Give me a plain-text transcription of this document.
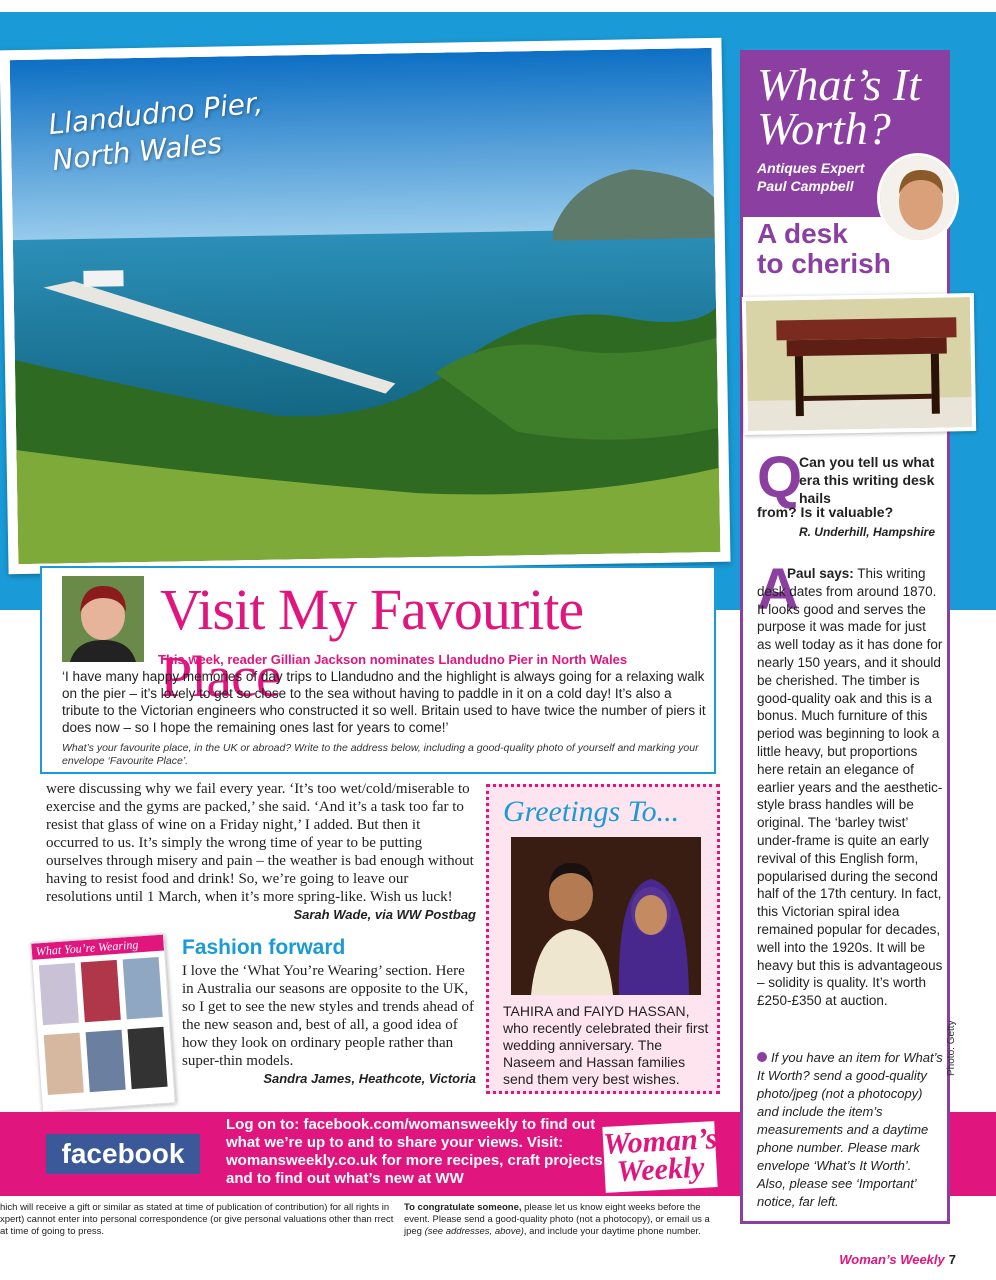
Llandudno Pier,
North Wales
Visit My Favourite Place
This week, reader Gillian Jackson nominates Llandudno Pier in North Wales
‘I have many happy memories of day trips to Llandudno and the highlight is always going for a relaxing walk on the pier – it’s lovely to get so close to the sea without having to paddle in it on a cold day! It’s also a tribute to the Victorian engineers who constructed it so well. Britain used to have twice the number of piers it does now – so I hope the remaining ones last for years to come!’
What’s your favourite place, in the UK or abroad? Write to the address below, including a good-quality photo of yourself and marking your envelope ‘Favourite Place’.

were discussing why we fail every year. ‘It’s too wet/cold/miserable to exercise and the gyms are packed,’ she said. ‘And it’s a task too far to resist that glass of wine on a Friday night,’ I added. But then it occurred to us. It’s simply the wrong time of year to be putting ourselves through misery and pain – the weather is bad enough without having to resist food and drink! So, we’re going to leave our resolutions until 1 March, when it’s more spring-like. Wish us luck!

Sarah Wade, via WW Postbag

What You’re Wearing	Fashion forward

I love the ‘What You’re Wearing’ section. Here in Australia our seasons are opposite to the UK, so I get to see the new styles and trends ahead of the new season and, best of all, a good idea of how they look on ordinary people rather than super-thin models.

Sandra James, Heathcote, Victoria

Greetings To...
TAHIRA and FAIYD HASSAN, who recently celebrated their first wedding anniversary. The Naseem and Hassan families send them very best wishes.
facebook
Log on to: facebook.com/womansweekly to find out what we’re up to and to share your views. Visit: womansweekly.co.uk for more recipes, craft projects and to find out what’s new at WW
Woman’s Weekly
hich will receive a gift or similar as stated at time of publication of contribution) for all rights in xpert) cannot enter into personal correspondence (or give personal valuations other than rrect at time of going to press.
To congratulate someone, please let us know eight weeks before the event. Please send a good-quality photo (not a photocopy), or email us a jpeg (see addresses, above), and include your daytime phone number.
Woman’s Weekly 7
What’s It
Worth?
Antiques Expert
Paul Campbell
A desk
to cherish
Q
Can you tell us what era this writing desk hails
from? Is it valuable?
R. Underhill, Hampshire
A
Paul says: This writing desk dates from around 1870. It looks good and serves the purpose it was made for just as well today as it has done for nearly 150 years, and it should be cherished. The timber is good-quality oak and this is a bonus. Much furniture of this period was beginning to look a little heavy, but proportions here retain an elegance of earlier years and the aesthetic-style brass handles will be original. The ‘barley twist’ under-frame is quite an early revival of this English form, popularised during the second half of the 17th century. In fact, this Victorian spiral idea remained popular for decades, well into the 1920s. It will be heavy but this is advantageous – solidity is quality. It’s worth £250-£350 at auction.
If you have an item for What’s It Worth? send a good-quality photo/jpeg (not a photocopy) and include the item’s measurements and a daytime phone number. Please mark envelope ‘What’s It Worth’. Also, please see ‘Important’ notice, far left.
Photo: Getty
